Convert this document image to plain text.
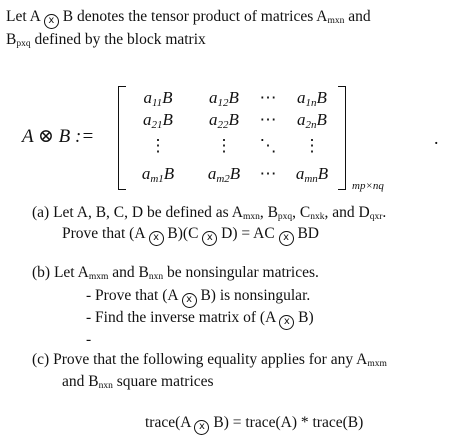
Let A x B denotes the tensor product of matrices $A_{mxn}$ and
$B_{pxq}$ defined by the block matrix
A ⊗ B :=
$a_{11}B$	$a_{12}B$	⋯	$a_{1n}B$
$a_{21}B$	$a_{22}B$	⋯	$a_{2n}B$
⋮	⋮	⋱	⋮
$a_{m1}B$	$a_{m2}B$	⋯	$a_{mn}B$
mp×nq
.
(a) Let A, B, C, D be defined as $A_{mxn}$, $B_{pxq}$, $C_{nxk}$, and $D_{qxr}$.
Prove that (A x B)(C x D) = AC x BD
(b) Let $A_{mxm}$ and $B_{nxn}$ be nonsingular matrices.
- Prove that (A x B) is nonsingular.
- Find the inverse matrix of (A x B)
-
(c) Prove that the following equality applies for any $A_{mxm}$
and $B_{nxn}$ square matrices
trace(A x B) = trace(A) * trace(B)
